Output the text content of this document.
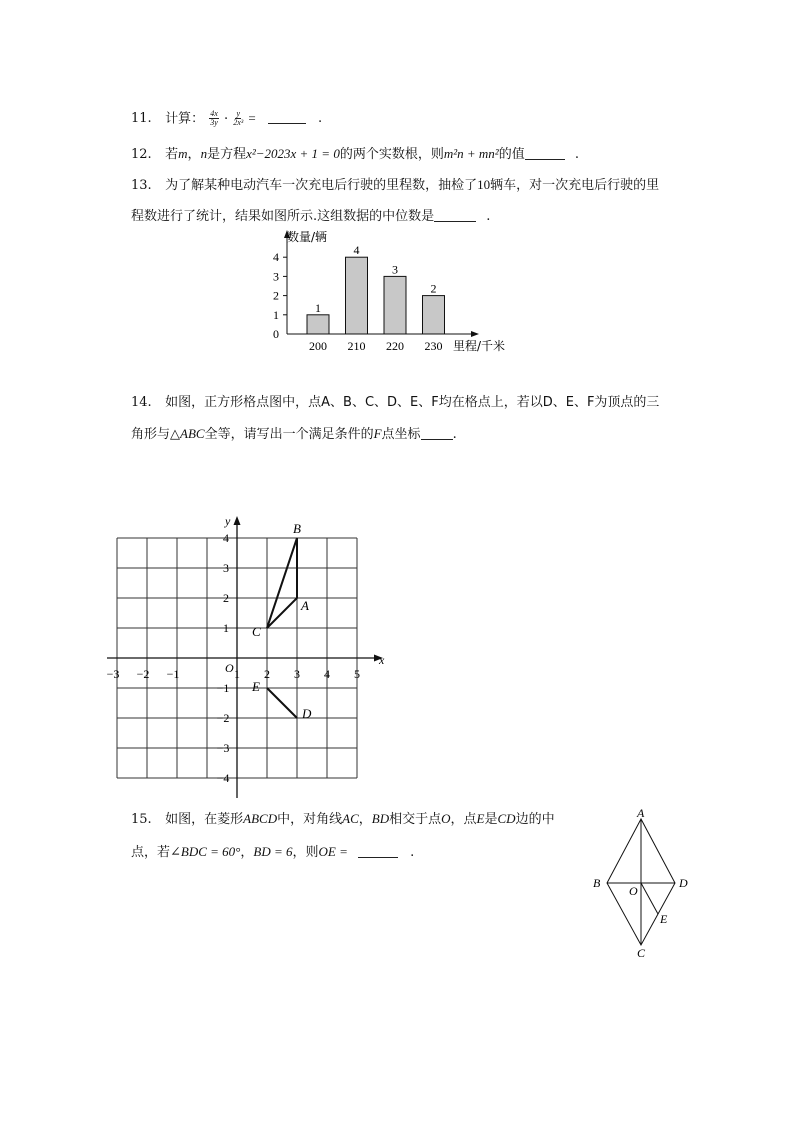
11. 计算： $\frac{4x}{3y} \cdot \frac{y}{\text{2x³}}$ =	.
12. 若m，n是方程x²−2023x + 1 = 0的两个实数根，则m²n + mn²的值	.
13. 为了解某种电动汽车一次充电后行驶的里程数，抽检了10辆车，对一次充电后行驶的里
程数进行了统计，结果如图所示.这组数据的中位数是	.
0
1
2
3
4
1
200
4
210
3
220
2
230
数量/辆
里程/千米
14. 如图，正方形格点图中，点A、B、C、D、E、F均在格点上，若以D、E、F为顶点的三
角形与△ABC全等，请写出一个满足条件的F点坐标 .
x
y
O
−3 −2 −1	1 2 3 4 5
1
2
3
4
−1
−2
−3
−4
A
B
C
D
E
15. 如图，在菱形ABCD中，对角线AC，BD相交于点O，点E是CD边的中
点，若∠BDC = 60°，BD = 6，则OE =	.
A
B	D
C
O
E
